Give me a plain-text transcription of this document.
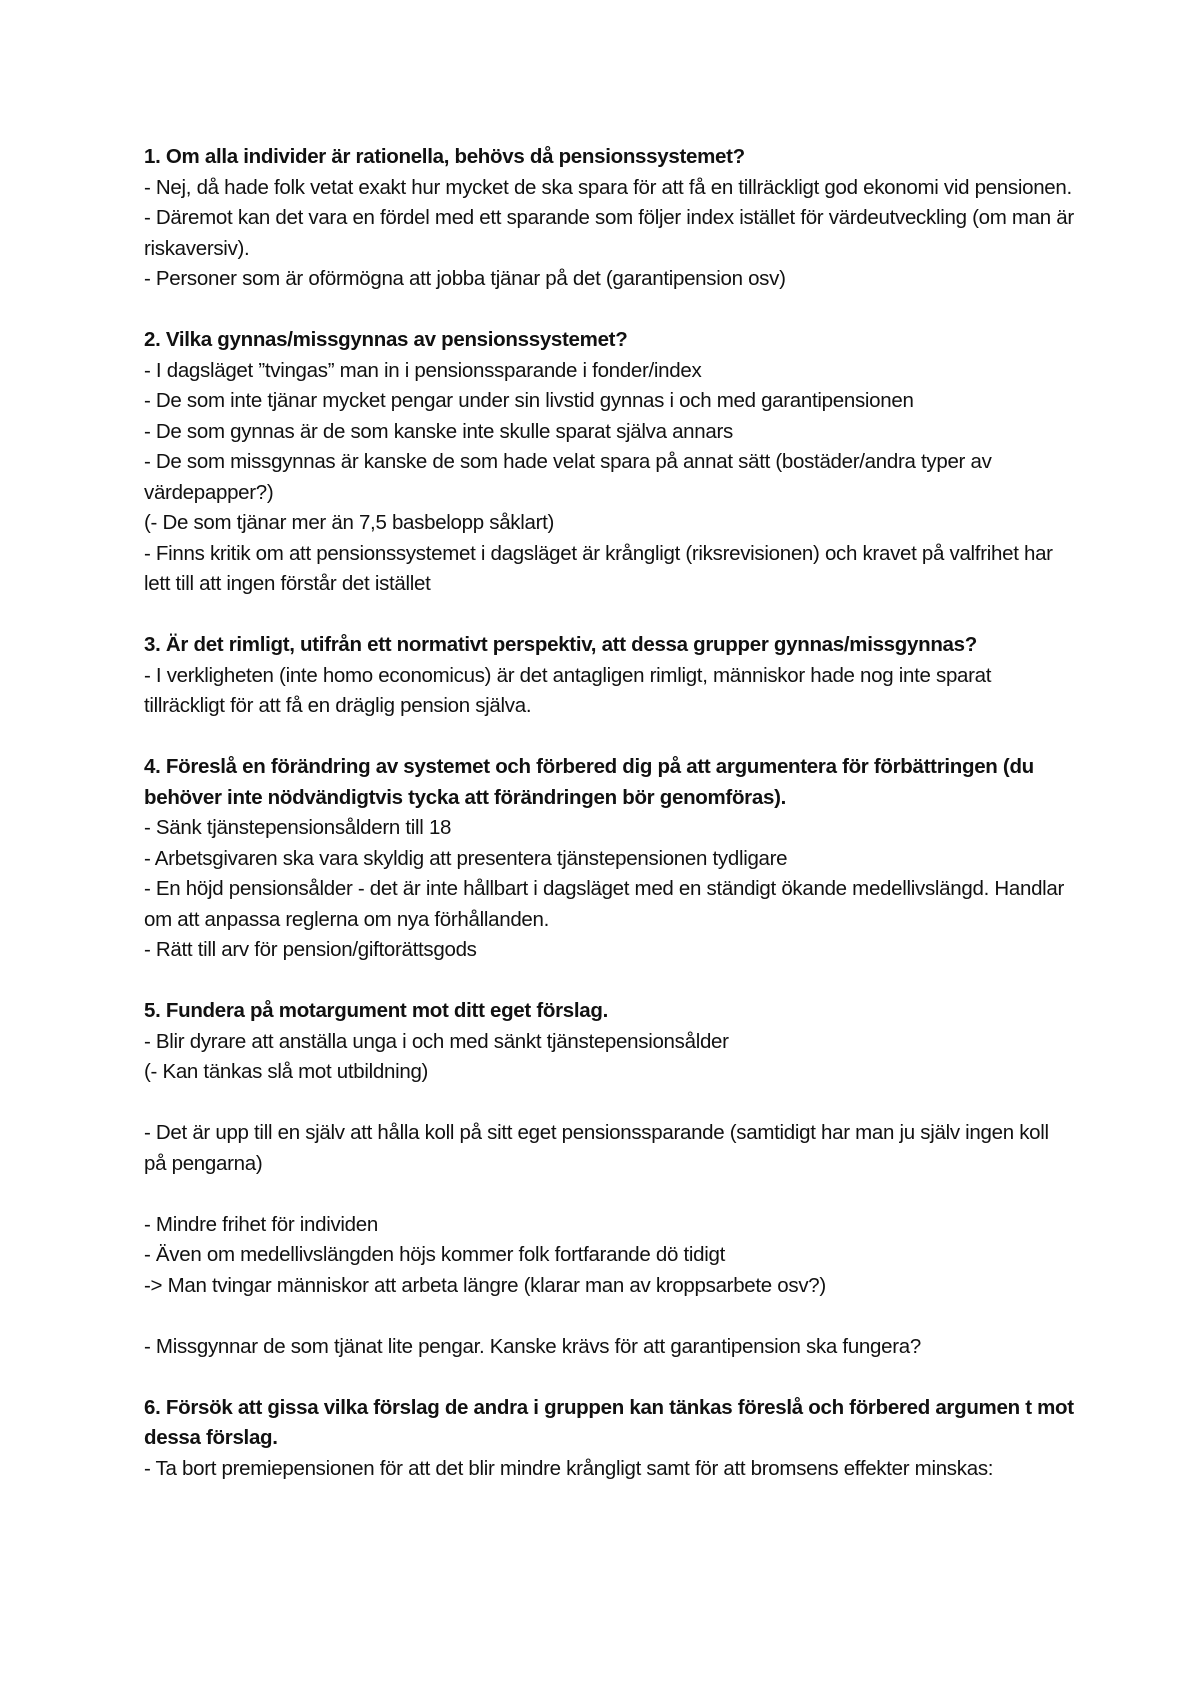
1. Om alla individer är rationella, behövs då pensionssystemet?

- Nej, då hade folk vetat exakt hur mycket de ska spara för att få en tillräckligt god ekonomi vid pensionen.

- Däremot kan det vara en fördel med ett sparande som följer index istället för värdeutveckling (om man är riskaversiv).

- Personer som är oförmögna att jobba tjänar på det (garantipension osv)

2. Vilka gynnas/missgynnas av pensionssystemet?

- I dagsläget ”tvingas” man in i pensionssparande i fonder/index

- De som inte tjänar mycket pengar under sin livstid gynnas i och med garantipensionen

- De som gynnas är de som kanske inte skulle sparat själva annars

- De som missgynnas är kanske de som hade velat spara på annat sätt (bostäder/andra typer av värdepapper?)

(- De som tjänar mer än 7,5 basbelopp såklart)

- Finns kritik om att pensionssystemet i dagsläget är krångligt (riksrevisionen) och kravet på valfrihet har lett till att ingen förstår det istället

3. Är det rimligt, utifrån ett normativt perspektiv, att dessa grupper gynnas/missgynnas?

- I verkligheten (inte homo economicus) är det antagligen rimligt, människor hade nog inte sparat tillräckligt för att få en dräglig pension själva.

4. Föreslå en förändring av systemet och förbered dig på att argumentera för förbättringen (du behöver inte nödvändigtvis tycka att förändringen bör genomföras).

- Sänk tjänstepensionsåldern till 18

- Arbetsgivaren ska vara skyldig att presentera tjänstepensionen tydligare

- En höjd pensionsålder - det är inte hållbart i dagsläget med en ständigt ökande medellivslängd. Handlar om att anpassa reglerna om nya förhållanden.

- Rätt till arv för pension/giftorättsgods

5. Fundera på motargument mot ditt eget förslag.

- Blir dyrare att anställa unga i och med sänkt tjänstepensionsålder

(- Kan tänkas slå mot utbildning)

- Det är upp till en själv att hålla koll på sitt eget pensionssparande (samtidigt har man ju själv ingen koll på pengarna)

- Mindre frihet för individen

- Även om medellivslängden höjs kommer folk fortfarande dö tidigt

-> Man tvingar människor att arbeta längre (klarar man av kroppsarbete osv?)

- Missgynnar de som tjänat lite pengar. Kanske krävs för att garantipension ska fungera?

6. Försök att gissa vilka förslag de andra i gruppen kan tänkas föreslå och förbered argumen t mot dessa förslag.

- Ta bort premiepensionen för att det blir mindre krångligt samt för att bromsens effekter minskas:
